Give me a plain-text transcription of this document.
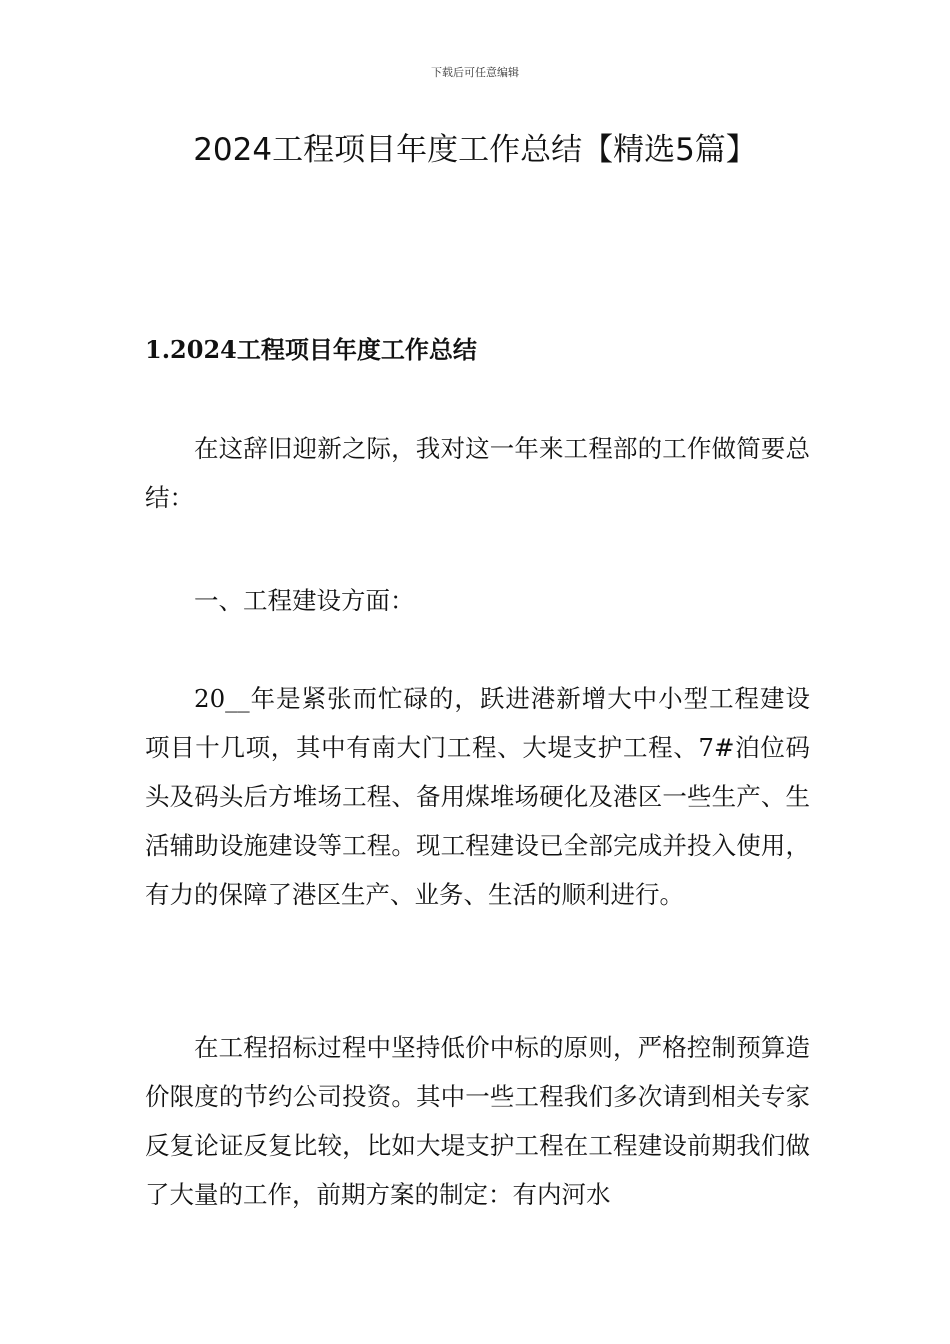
下载后可任意编辑
2024工程项目年度工作总结【精选5篇】
1.2024工程项目年度工作总结

在这辞旧迎新之际，我对这一年来工程部的工作做简要总结：

一、工程建设方面：

20__年是紧张而忙碌的，跃进港新增大中小型工程建设项目十几项，其中有南大门工程、大堤支护工程、7#泊位码头及码头后方堆场工程、备用煤堆场硬化及港区一些生产、生活辅助设施建设等工程。现工程建设已全部完成并投入使用，有力的保障了港区生产、业务、生活的顺利进行。

在工程招标过程中坚持低价中标的原则，严格控制预算造价限度的节约公司投资。其中一些工程我们多次请到相关专家反复论证反复比较，比如大堤支护工程在工程建设前期我们做了大量的工作，前期方案的制定：有内河水
